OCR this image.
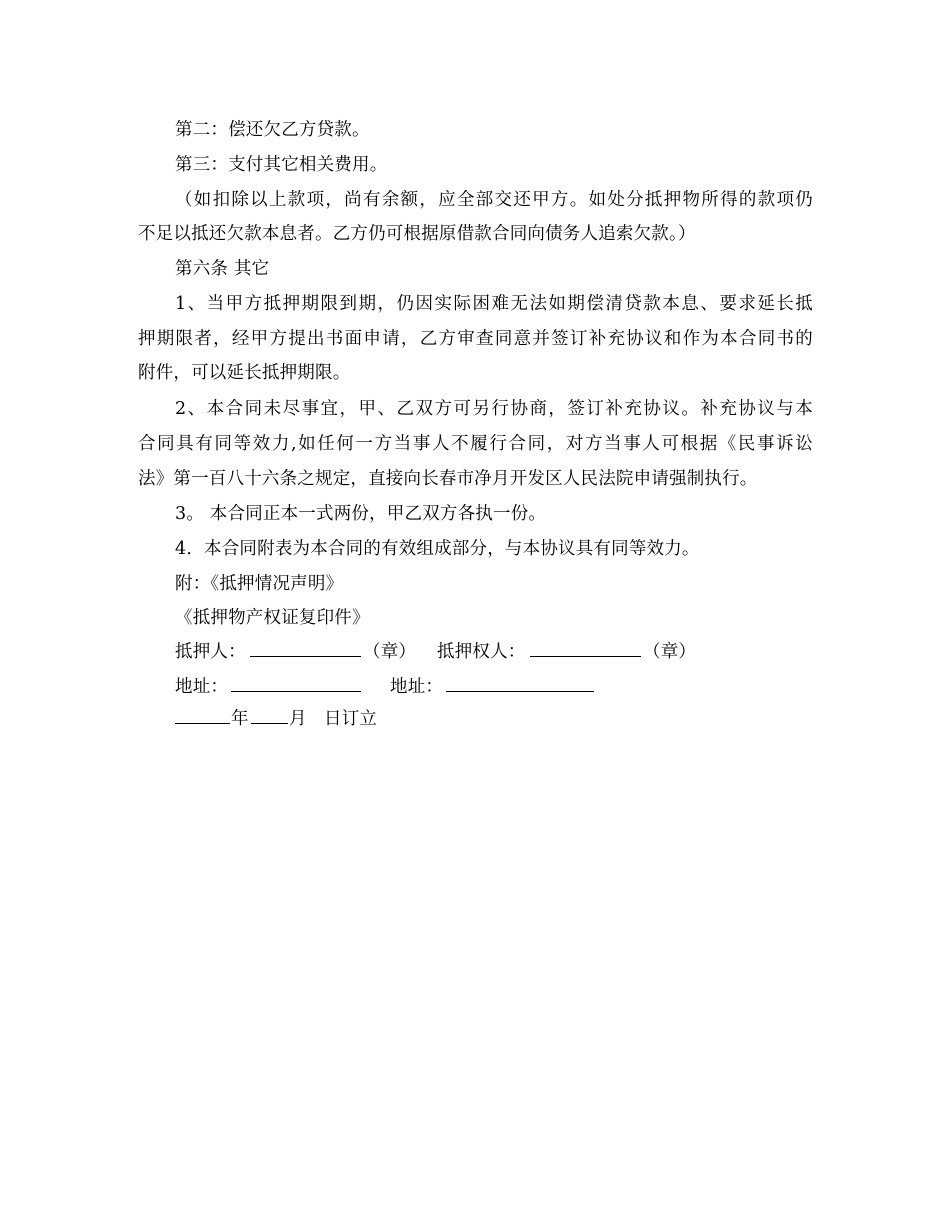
第二：偿还欠乙方贷款。
第三：支付其它相关费用。
（如扣除以上款项，尚有余额，应全部交还甲方。如处分抵押物所得的款项仍
不足以抵还欠款本息者。乙方仍可根据原借款合同向债务人追索欠款。）
第六条 其它
1、当甲方抵押期限到期，仍因实际困难无法如期偿清贷款本息、要求延长抵
押期限者，经甲方提出书面申请，乙方审查同意并签订补充协议和作为本合同书的
附件，可以延长抵押期限。
2、本合同未尽事宜，甲、乙双方可另行协商，签订补充协议。补充协议与本
合同具有同等效力,如任何一方当事人不履行合同，对方当事人可根据《民事诉讼
法》第一百八十六条之规定，直接向长春市净月开发区人民法院申请强制执行。
3。 本合同正本一式两份，甲乙双方各执一份。
4．本合同附表为本合同的有效组成部分，与本协议具有同等效力。
附：《抵押情况声明》
《抵押物产权证复印件》
抵押人：	（章） 抵押权人：	（章）
地址：	地址：
年 月 日订立
